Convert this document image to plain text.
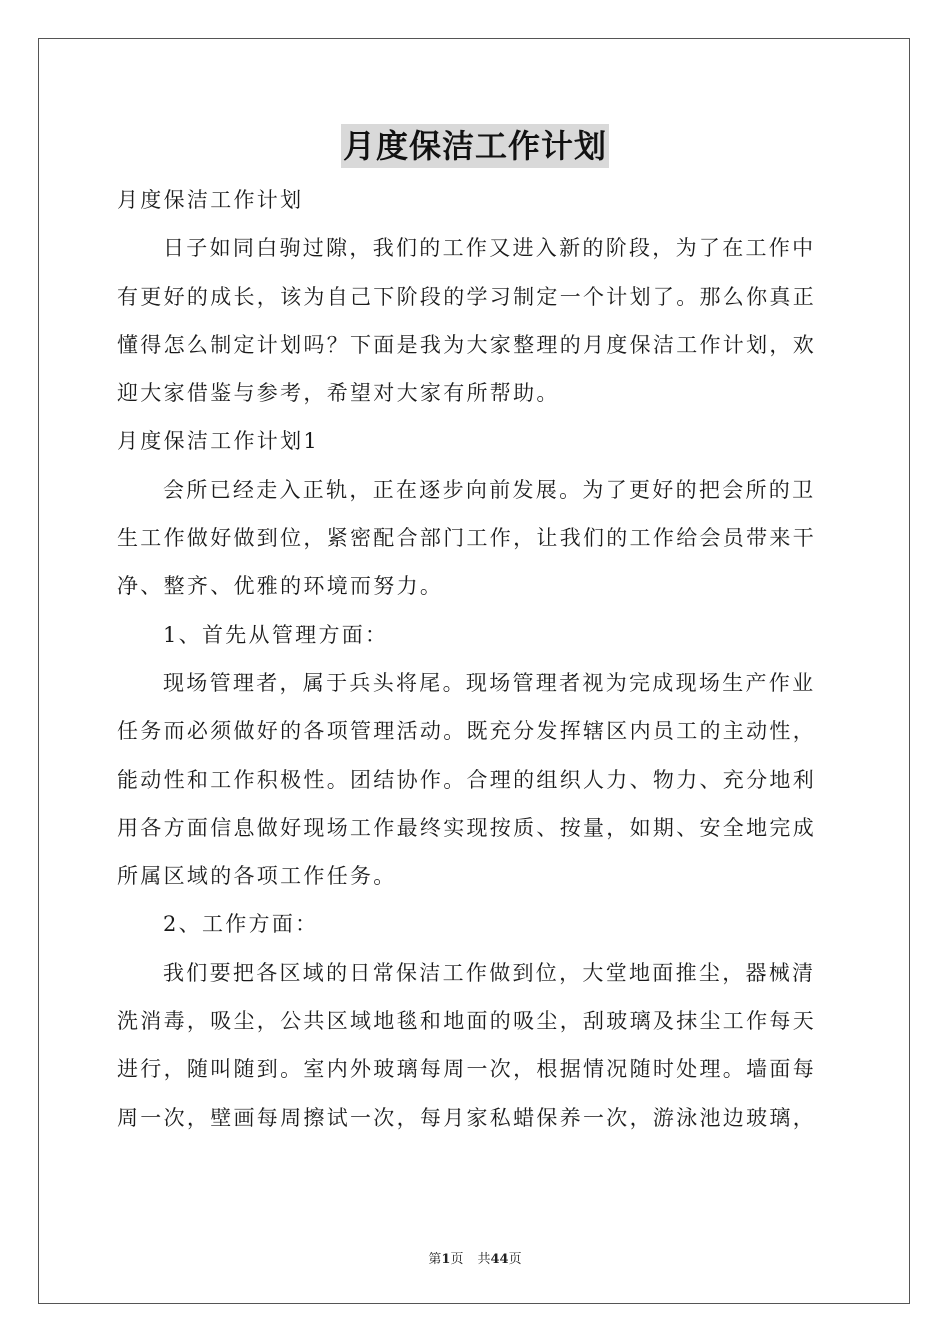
月度保洁工作计划
月度保洁工作计划
日子如同白驹过隙，我们的工作又进入新的阶段，为了在工作中
有更好的成长，该为自己下阶段的学习制定一个计划了。那么你真正
懂得怎么制定计划吗？下面是我为大家整理的月度保洁工作计划，欢
迎大家借鉴与参考，希望对大家有所帮助。
月度保洁工作计划1
会所已经走入正轨，正在逐步向前发展。为了更好的把会所的卫
生工作做好做到位，紧密配合部门工作，让我们的工作给会员带来干
净、整齐、优雅的环境而努力。
1、首先从管理方面：
现场管理者，属于兵头将尾。现场管理者视为完成现场生产作业
任务而必须做好的各项管理活动。既充分发挥辖区内员工的主动性，
能动性和工作积极性。团结协作。合理的组织人力、物力、充分地利
用各方面信息做好现场工作最终实现按质、按量，如期、安全地完成
所属区域的各项工作任务。
2、工作方面：
我们要把各区域的日常保洁工作做到位，大堂地面推尘，器械清
洗消毒，吸尘，公共区域地毯和地面的吸尘，刮玻璃及抹尘工作每天
进行，随叫随到。室内外玻璃每周一次，根据情况随时处理。墙面每
周一次，壁画每周擦试一次，每月家私蜡保养一次，游泳池边玻璃，
第1页 共44页
